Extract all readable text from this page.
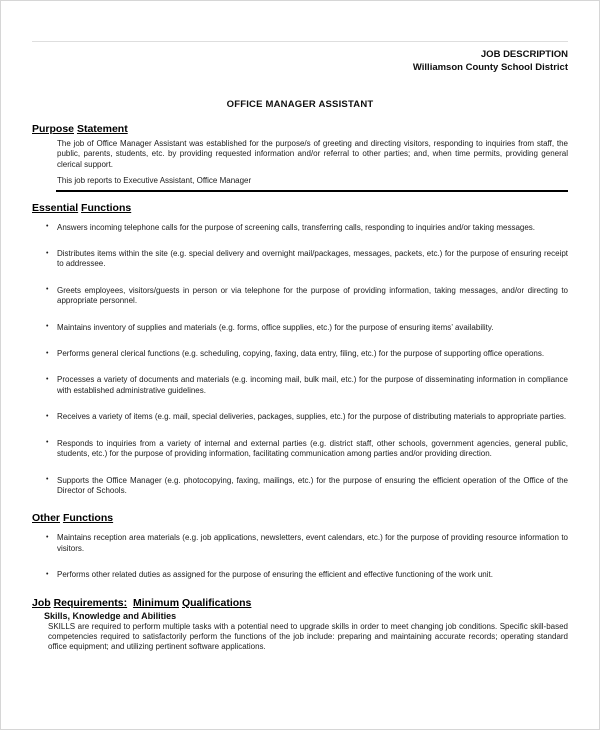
JOB DESCRIPTION
Williamson County School District
OFFICE MANAGER ASSISTANT
Purpose Statement
The job of Office Manager Assistant was established for the purpose/s of greeting and directing visitors, responding to inquiries from staff, the public, parents, students, etc. by providing requested information and/or referral to other parties; and, when time permits, providing general clerical support.
This job reports to Executive Assistant, Office Manager
Essential Functions
• Answers incoming telephone calls for the purpose of screening calls, transferring calls, responding to inquiries and/or taking messages.
• Distributes items within the site (e.g. special delivery and overnight mail/packages, messages, packets, etc.) for the purpose of ensuring receipt to addressee.
• Greets employees, visitors/guests in person or via telephone for the purpose of providing information, taking messages, and/or directing to appropriate personnel.
• Maintains inventory of supplies and materials (e.g. forms, office supplies, etc.) for the purpose of ensuring items’ availability.
• Performs general clerical functions (e.g. scheduling, copying, faxing, data entry, filing, etc.) for the purpose of supporting office operations.
• Processes a variety of documents and materials (e.g. incoming mail, bulk mail, etc.) for the purpose of disseminating information in compliance with established administrative guidelines.
• Receives a variety of items (e.g. mail, special deliveries, packages, supplies, etc.) for the purpose of distributing materials to appropriate parties.
• Responds to inquiries from a variety of internal and external parties (e.g. district staff, other schools, government agencies, general public, students, etc.) for the purpose of providing information, facilitating communication among parties and/or providing direction.
• Supports the Office Manager (e.g. photocopying, faxing, mailings, etc.) for the purpose of ensuring the efficient operation of the Office of the Director of Schools.
Other Functions
• Maintains reception area materials (e.g. job applications, newsletters, event calendars, etc.) for the purpose of providing resource information to visitors.
• Performs other related duties as assigned for the purpose of ensuring the efficient and effective functioning of the work unit.
Job Requirements: Minimum Qualifications
Skills, Knowledge and Abilities
SKILLS are required to perform multiple tasks with a potential need to upgrade skills in order to meet changing job conditions. Specific skill-based competencies required to satisfactorily perform the functions of the job include: preparing and maintaining accurate records; operating standard office equipment; and utilizing pertinent software applications.
